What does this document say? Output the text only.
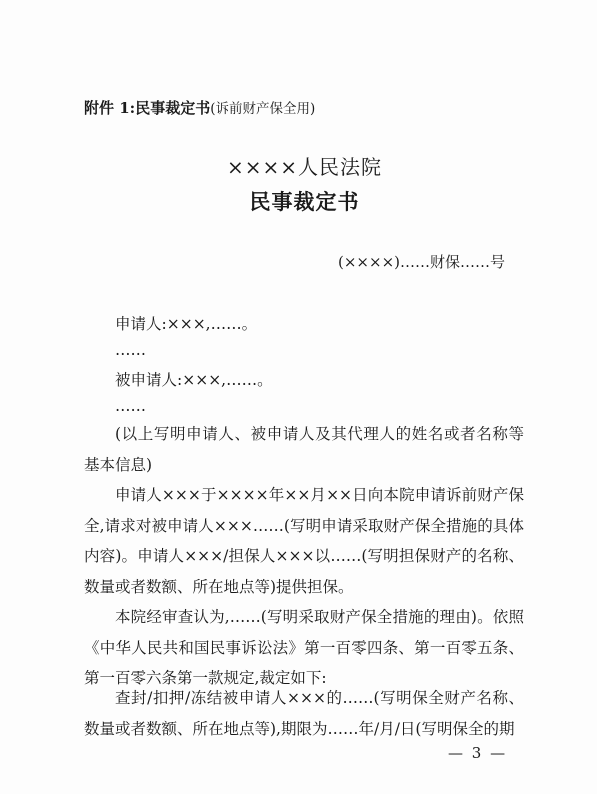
附件 1:民事裁定书(诉前财产保全用)
××××人民法院
民事裁定书
(××××)……财保……号
申请人:×××,……。
……
被申请人:×××,……。
……
(以上写明申请人、被申请人及其代理人的姓名或者名称等基本信息)
申请人×××于××××年××月××日向本院申请诉前财产保全,请求对被申请人×××……(写明申请采取财产保全措施的具体内容)。申请人×××/担保人×××以……(写明担保财产的名称、数量或者数额、所在地点等)提供担保。
本院经审查认为,……(写明采取财产保全措施的理由)。依照《中华人民共和国民事诉讼法》第一百零四条、第一百零五条、第一百零六条第一款规定,裁定如下:
查封/扣押/冻结被申请人×××的……(写明保全财产名称、数量或者数额、所在地点等),期限为……年/月/日(写明保全的期
— 3 —
